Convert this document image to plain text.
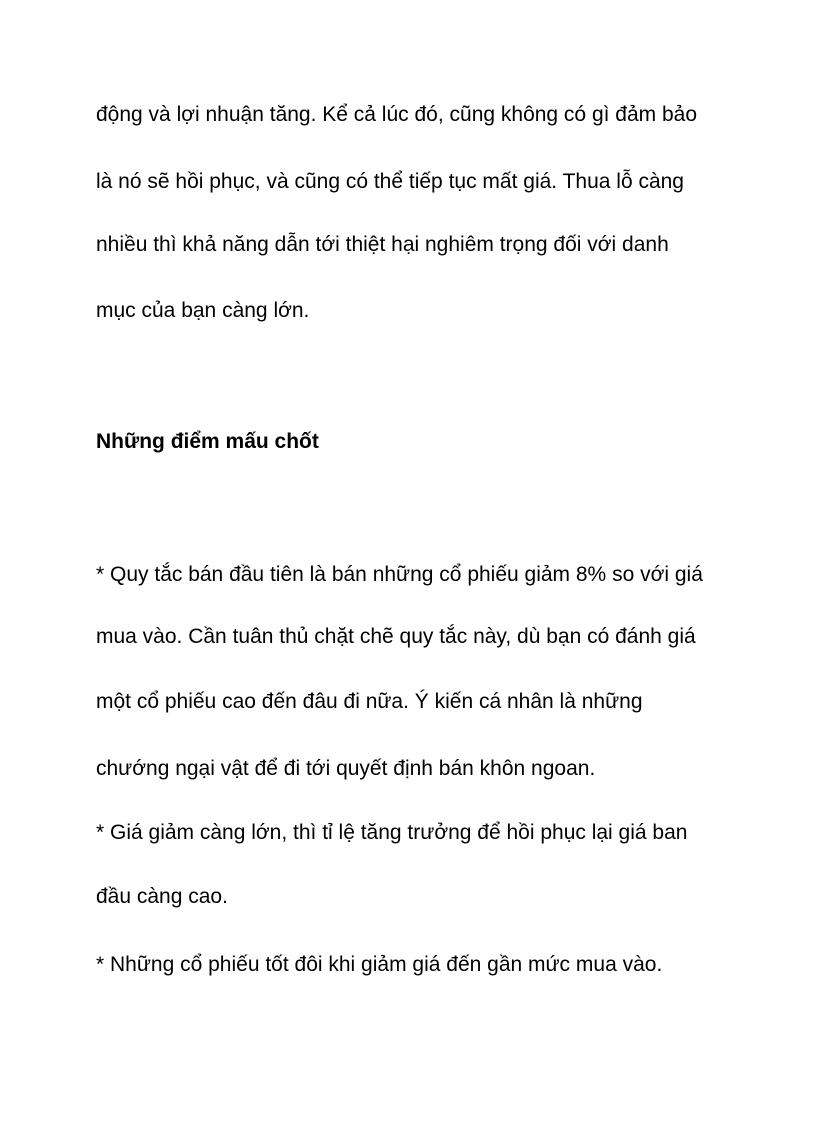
động và lợi nhuận tăng. Kể cả lúc đó, cũng không có gì đảm bảo

là nó sẽ hồi phục, và cũng có thể tiếp tục mất giá. Thua lỗ càng

nhiều thì khả năng dẫn tới thiệt hại nghiêm trọng đối với danh

mục của bạn càng lớn.

Những điểm mấu chốt

* Quy tắc bán đầu tiên là bán những cổ phiếu giảm 8% so với giá

mua vào. Cần tuân thủ chặt chẽ quy tắc này, dù bạn có đánh giá

một cổ phiếu cao đến đâu đi nữa. Ý kiến cá nhân là những

chướng ngại vật để đi tới quyết định bán khôn ngoan.

* Giá giảm càng lớn, thì tỉ lệ tăng trưởng để hồi phục lại giá ban

đầu càng cao.

* Những cổ phiếu tốt đôi khi giảm giá đến gần mức mua vào.
